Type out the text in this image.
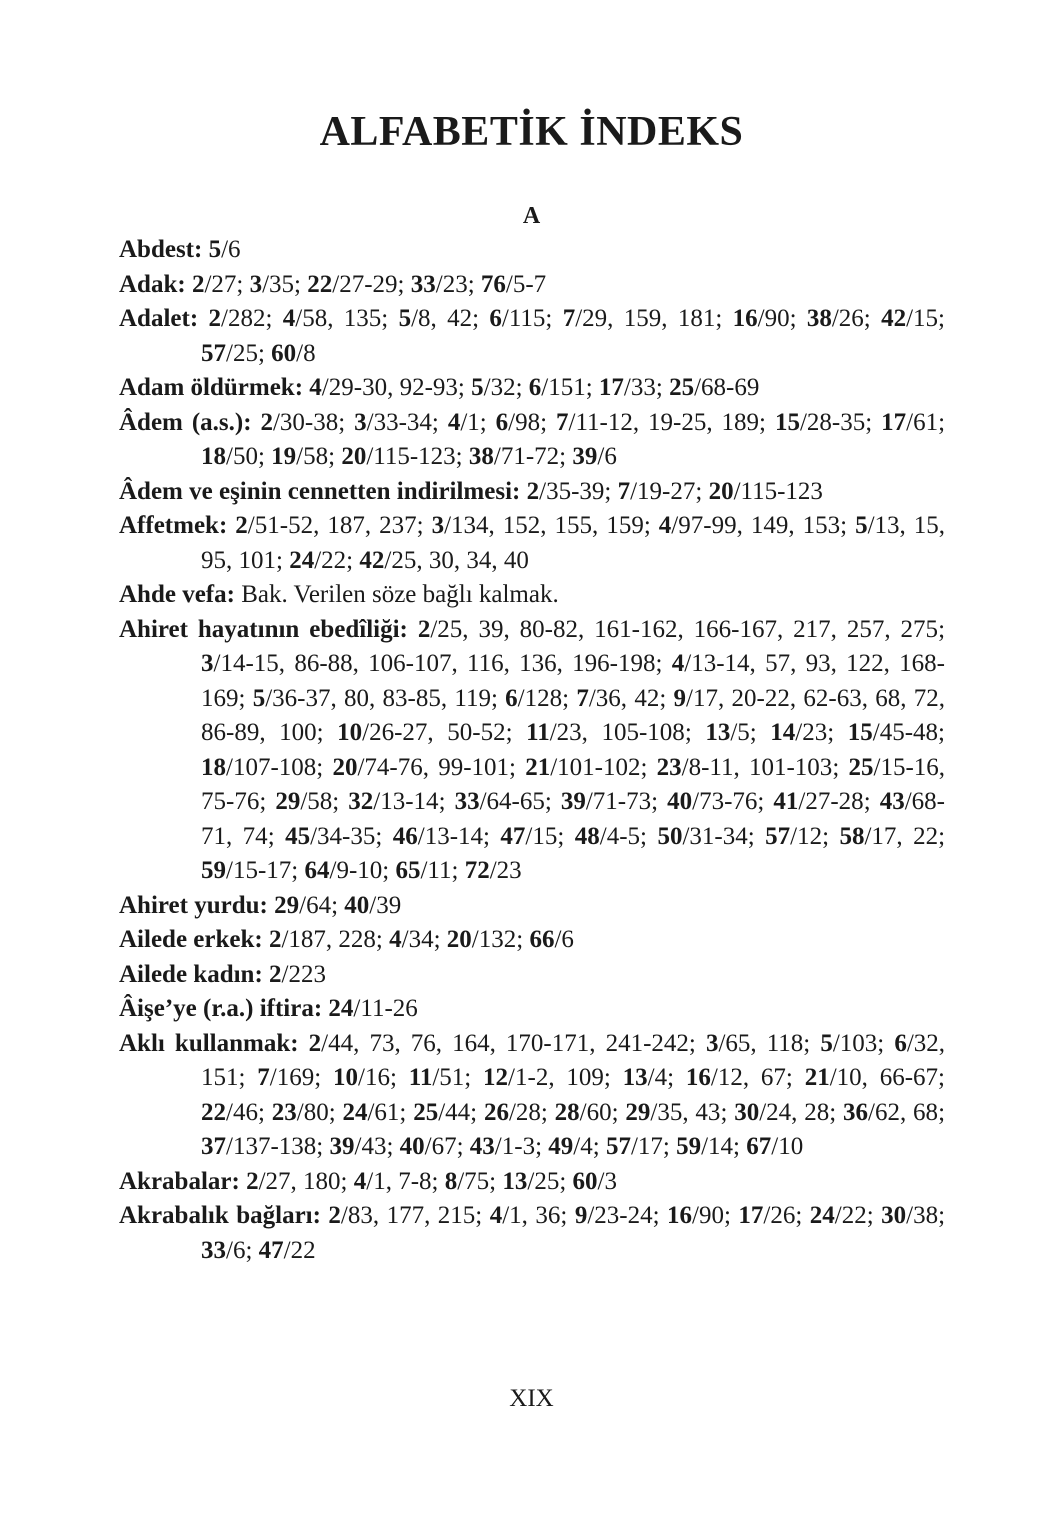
ALFABETİK İNDEKS
A
Abdest: 5/6
Adak: 2/27; 3/35; 22/27-29; 33/23; 76/5-7
Adalet: 2/282; 4/58, 135; 5/8, 42; 6/115; 7/29, 159, 181; 16/90; 38/26; 42/15; 57/25; 60/8
Adam öldürmek: 4/29-30, 92-93; 5/32; 6/151; 17/33; 25/68-69
Âdem (a.s.): 2/30-38; 3/33-34; 4/1; 6/98; 7/11-12, 19-25, 189; 15/28-35; 17/61; 18/50; 19/58; 20/115-123; 38/71-72; 39/6
Âdem ve eşinin cennetten indirilmesi: 2/35-39; 7/19-27; 20/115-123
Affetmek: 2/51-52, 187, 237; 3/134, 152, 155, 159; 4/97-99, 149, 153; 5/13, 15, 95, 101; 24/22; 42/25, 30, 34, 40
Ahde vefa: Bak. Verilen söze bağlı kalmak.
Ahiret hayatının ebedîliği: 2/25, 39, 80-82, 161-162, 166-167, 217, 257, 275; 3/14-15, 86-88, 106-107, 116, 136, 196-198; 4/13-14, 57, 93, 122, 168-169; 5/36-37, 80, 83-85, 119; 6/128; 7/36, 42; 9/17, 20-22, 62-63, 68, 72, 86-89, 100; 10/26-27, 50-52; 11/23, 105-108; 13/5; 14/23; 15/45-48; 18/107-108; 20/74-76, 99-101; 21/101-102; 23/8-11, 101-103; 25/15-16, 75-76; 29/58; 32/13-14; 33/64-65; 39/71-73; 40/73-76; 41/27-28; 43/68-71, 74; 45/34-35; 46/13-14; 47/15; 48/4-5; 50/31-34; 57/12; 58/17, 22; 59/15-17; 64/9-10; 65/11; 72/23
Ahiret yurdu: 29/64; 40/39
Ailede erkek: 2/187, 228; 4/34; 20/132; 66/6
Ailede kadın: 2/223
Âişe’ye (r.a.) iftira: 24/11-26
Aklı kullanmak: 2/44, 73, 76, 164, 170-171, 241-242; 3/65, 118; 5/103; 6/32, 151; 7/169; 10/16; 11/51; 12/1-2, 109; 13/4; 16/12, 67; 21/10, 66-67; 22/46; 23/80; 24/61; 25/44; 26/28; 28/60; 29/35, 43; 30/24, 28; 36/62, 68; 37/137-138; 39/43; 40/67; 43/1-3; 49/4; 57/17; 59/14; 67/10
Akrabalar: 2/27, 180; 4/1, 7-8; 8/75; 13/25; 60/3
Akrabalık bağları: 2/83, 177, 215; 4/1, 36; 9/23-24; 16/90; 17/26; 24/22; 30/38; 33/6; 47/22
XIX
